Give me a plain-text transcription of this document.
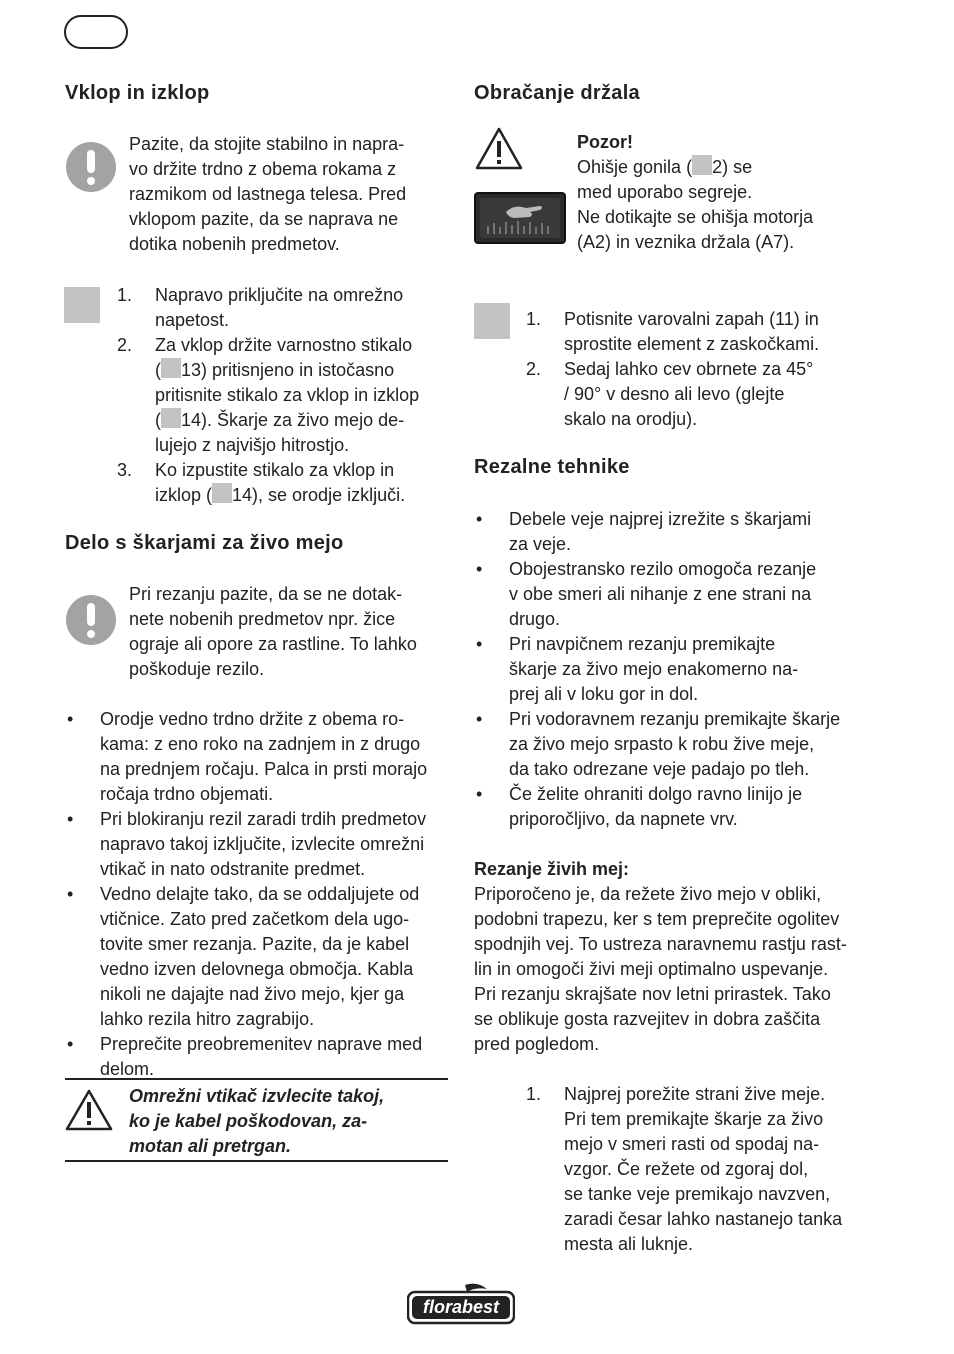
Vklop in izklop
Pazite, da stojite stabilno in napra-
vo držite trdno z obema rokama z
razmikom od lastnega telesa. Pred
vklopom pazite, da se naprava ne
dotika nobenih predmetov.
1. Napravo priključite na omrežno
napetost.
2. Za vklop držite varnostno stikalo
( 13) pritisnjeno in istočasno
pritisnite stikalo za vklop in izklop
( 14). Škarje za živo mejo de-
lujejo z najvišjo hitrostjo.
3. Ko izpustite stikalo za vklop in
izklop ( 14), se orodje izključi.
Delo s škarjami za živo mejo
Pri rezanju pazite, da se ne dotak-
nete nobenih predmetov npr. žice
ograje ali opore za rastline. To lahko
poškoduje rezilo.
• Orodje vedno trdno držite z obema ro-
kama: z eno roko na zadnjem in z drugo
na prednjem ročaju. Palca in prsti morajo
ročaja trdno objemati.
• Pri blokiranju rezil zaradi trdih predmetov
napravo takoj izključite, izvlecite omrežni
vtikač in nato odstranite predmet.
• Vedno delajte tako, da se oddaljujete od
vtičnice. Zato pred začetkom dela ugo-
tovite smer rezanja. Pazite, da je kabel
vedno izven delovnega območja. Kabla
nikoli ne dajajte nad živo mejo, kjer ga
lahko rezila hitro zagrabijo.
• Preprečite preobremenitev naprave med
delom.
Omrežni vtikač izvlecite takoj,
ko je kabel poškodovan, za-
motan ali pretrgan.
Obračanje držala
Pozor!
Ohišje gonila ( 2) se
med uporabo segreje.
Ne dotikajte se ohišja motorja
(A2) in veznika držala (A7).
1. Potisnite varovalni zapah (11) in
sprostite element z zaskočkami.
2. Sedaj lahko cev obrnete za 45°
/ 90° v desno ali levo (glejte
skalo na orodju).
Rezalne tehnike
• Debele veje najprej izrežite s škarjami
za veje.
• Obojestransko rezilo omogoča rezanje
v obe smeri ali nihanje z ene strani na
drugo.
• Pri navpičnem rezanju premikajte
škarje za živo mejo enakomerno na-
prej ali v loku gor in dol.
• Pri vodoravnem rezanju premikajte škarje
za živo mejo srpasto k robu žive meje,
da tako odrezane veje padajo po tleh.
• Če želite ohraniti dolgo ravno linijo je
priporočljivo, da napnete vrv.
Rezanje živih mej:
Priporočeno je, da režete živo mejo v obliki,
podobni trapezu, ker s tem preprečite ogolitev
spodnjih vej. To ustreza naravnemu rastju rast-
lin in omogoči živi meji optimalno uspevanje.
Pri rezanju skrajšate nov letni prirastek. Tako
se oblikuje gosta razvejitev in dobra zaščita
pred pogledom.
1. Najprej porežite strani žive meje.
Pri tem premikajte škarje za živo
mejo v smeri rasti od spodaj na-
vzgor. Če režete od zgoraj dol,
se tanke veje premikajo navzven,
zaradi česar lahko nastanejo tanka
mesta ali luknje.
florabest
